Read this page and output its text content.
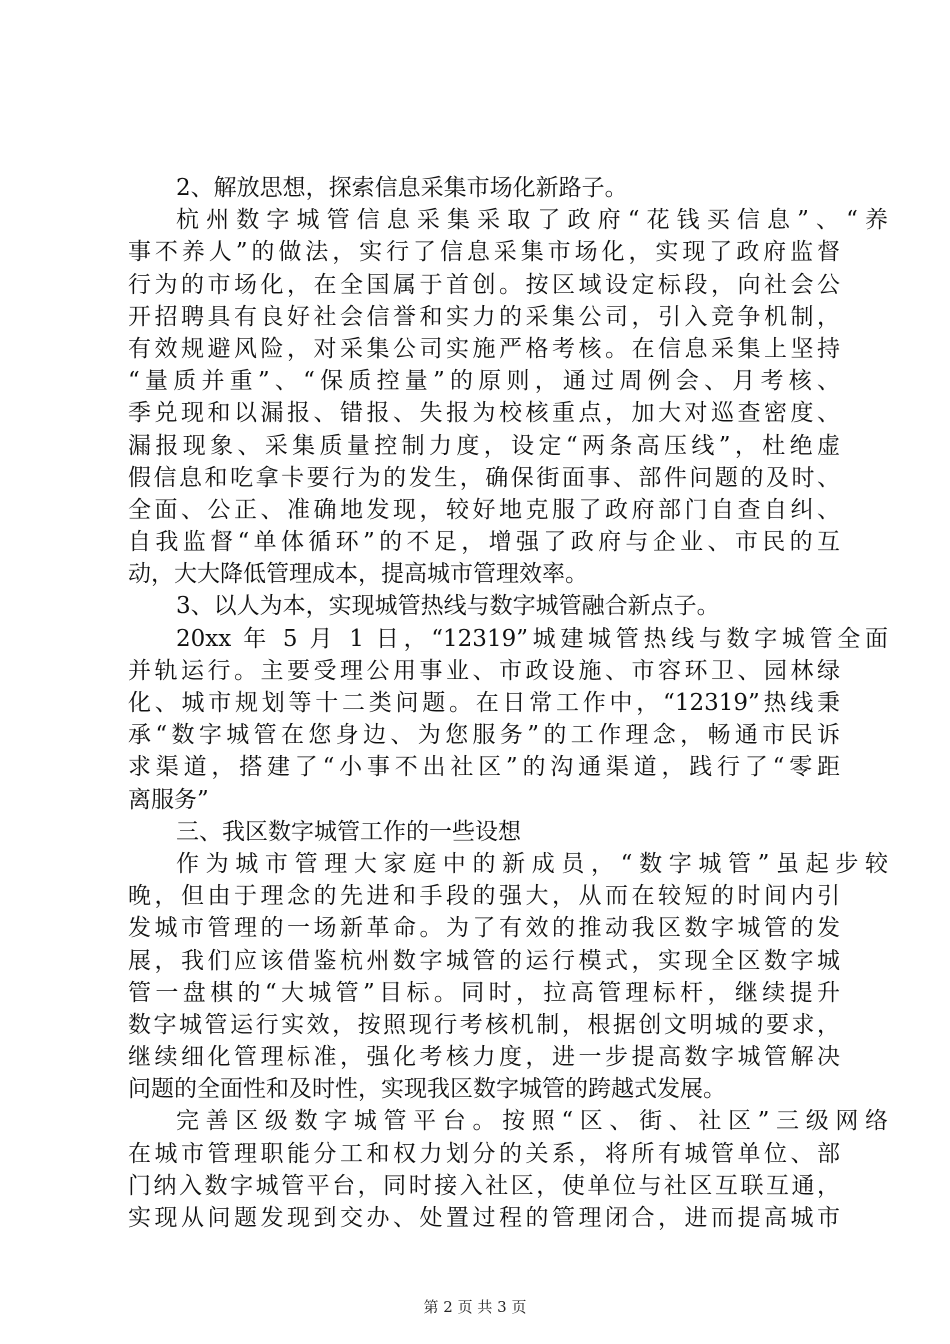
2、解放思想，探索信息采集市场化新路子。
杭州数字城管信息采集采取了政府“花钱买信息”、“养
事不养人”的做法，实行了信息采集市场化，实现了政府监督
行为的市场化，在全国属于首创。按区域设定标段，向社会公
开招聘具有良好社会信誉和实力的采集公司，引入竞争机制，
有效规避风险，对采集公司实施严格考核。在信息采集上坚持
“量质并重”、“保质控量”的原则，通过周例会、月考核、
季兑现和以漏报、错报、失报为校核重点，加大对巡查密度、
漏报现象、采集质量控制力度，设定“两条高压线”，杜绝虚
假信息和吃拿卡要行为的发生，确保街面事、部件问题的及时、
全面、公正、准确地发现，较好地克服了政府部门自查自纠、
自我监督“单体循环”的不足，增强了政府与企业、市民的互
动，大大降低管理成本，提高城市管理效率。
3、以人为本，实现城管热线与数字城管融合新点子。
20xx 年 5 月 1 日，“12319”城建城管热线与数字城管全面
并轨运行。主要受理公用事业、市政设施、市容环卫、园林绿
化、城市规划等十二类问题。在日常工作中，“12319”热线秉
承“数字城管在您身边、为您服务”的工作理念，畅通市民诉
求渠道，搭建了“小事不出社区”的沟通渠道，践行了“零距
离服务”
三、我区数字城管工作的一些设想
作为城市管理大家庭中的新成员，“数字城管”虽起步较
晚，但由于理念的先进和手段的强大，从而在较短的时间内引
发城市管理的一场新革命。为了有效的推动我区数字城管的发
展，我们应该借鉴杭州数字城管的运行模式，实现全区数字城
管一盘棋的“大城管”目标。同时，拉高管理标杆，继续提升
数字城管运行实效，按照现行考核机制，根据创文明城的要求，
继续细化管理标准，强化考核力度，进一步提高数字城管解决
问题的全面性和及时性，实现我区数字城管的跨越式发展。
完善区级数字城管平台。按照“区、街、社区”三级网络
在城市管理职能分工和权力划分的关系，将所有城管单位、部
门纳入数字城管平台，同时接入社区，使单位与社区互联互通，
实现从问题发现到交办、处置过程的管理闭合，进而提高城市
第 2 页 共 3 页
